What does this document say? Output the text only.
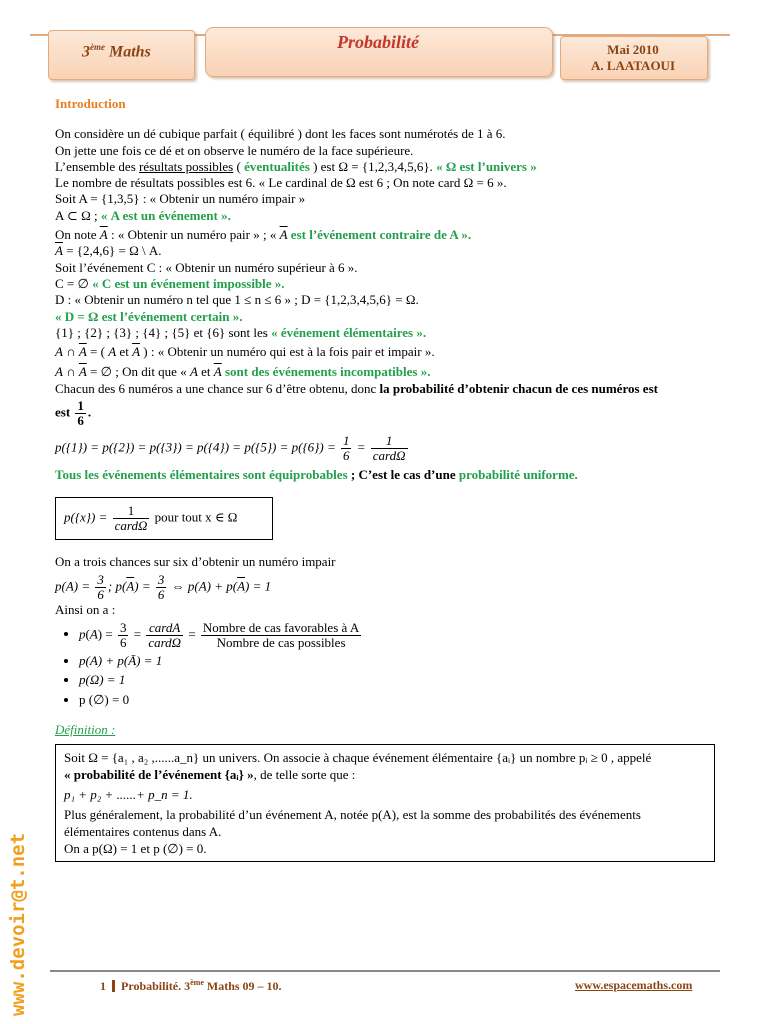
3ème Maths	Probabilité	Mai 2010
A. LAATAOUI
Introduction
On considère un dé cubique parfait ( équilibré ) dont les faces sont numérotés de 1 à 6.
On jette une fois ce dé et on observe le numéro de la face supérieure.
L’ensemble des résultats possibles ( éventualités ) est Ω = {1,2,3,4,5,6}. « Ω est l’univers »
Le nombre de résultats possibles est 6. « Le cardinal de Ω est 6 ; On note card Ω = 6 ».
Soit A = {1,3,5} : « Obtenir un numéro impair »
A ⊂ Ω ; « A est un événement ».
On note $\overline{A}$ : « Obtenir un numéro pair » ; « $\overline{A}$ est l’événement contraire de A ».
$\overline{A} = \{2,4,6\} = \Omega$ \ A.
Soit l’événement C : « Obtenir un numéro supérieur à 6 ».
C = ∅ « C est un événement impossible ».
D : « Obtenir un numéro n tel que 1 ≤ n ≤ 6 » ; D = {1,2,3,4,5,6} = Ω.
« D = Ω est l’événement certain ».
{1} ; {2} ; {3} ; {4} ; {5} et {6} sont les « événement élémentaires ».
A ∩ $\overline{A}$ = ( A et $\overline{A}$ ) : « Obtenir un numéro qui est à la fois pair et impair ».
A ∩ $\overline{A}$ = ∅ ; On dit que « A et $\overline{A}$ sont des événements incompatibles ».
Chacun des 6 numéros a une chance sur 6 d’être obtenu, donc la probabilité d’obtenir chacun de ces numéros est
est $\frac{1}{6}$ .
$p(\{1\}) = p(\{2\}) = p(\{3\}) = p(\{4\}) = p(\{5\}) = p(\{6\}) = \frac{1}{6} = \frac{1}{\text{cardΩ}}$
Tous les événements élémentaires sont équiprobables ; C’est le cas d’une probabilité uniforme.
$p(\{x\}) = \frac{1}{\text{cardΩ}}$ pour tout x ∈ Ω
On a trois chances sur six d’obtenir un numéro impair
$p(A) = \frac{3}{6}$ ; $p(\overline{A}) = \frac{3}{6}$ ⇔ $p(A) + p(\overline{A}) = 1$
Ainsi on a :
• $p(A) = \frac{3}{6} = \frac{\text{cardA}}{\text{cardΩ}} = \frac{\text{Nombre de cas favorables à A}}{\text{Nombre de cas possibles}}$
• p(A) + p(Ā) = 1
• p(Ω) = 1
• p (∅) = 0
Définition :
Soit Ω = {a₁ , a₂ ,......a_n} un univers. On associe à chaque événement élémentaire {aᵢ} un nombre pᵢ ≥ 0 , appelé
« probabilité de l’événement {aᵢ} », de telle sorte que :
p₁ + p₂ + ......+ p_n = 1.
Plus généralement, la probabilité d’un événement A, notée p(A), est la somme des probabilités des événements élémentaires contenus dans A.
On a p(Ω) = 1 et p (∅) = 0.
www.devoir@t.net	1 Probabilité. 3ème Maths 09 – 10.	www.espacemaths.com
